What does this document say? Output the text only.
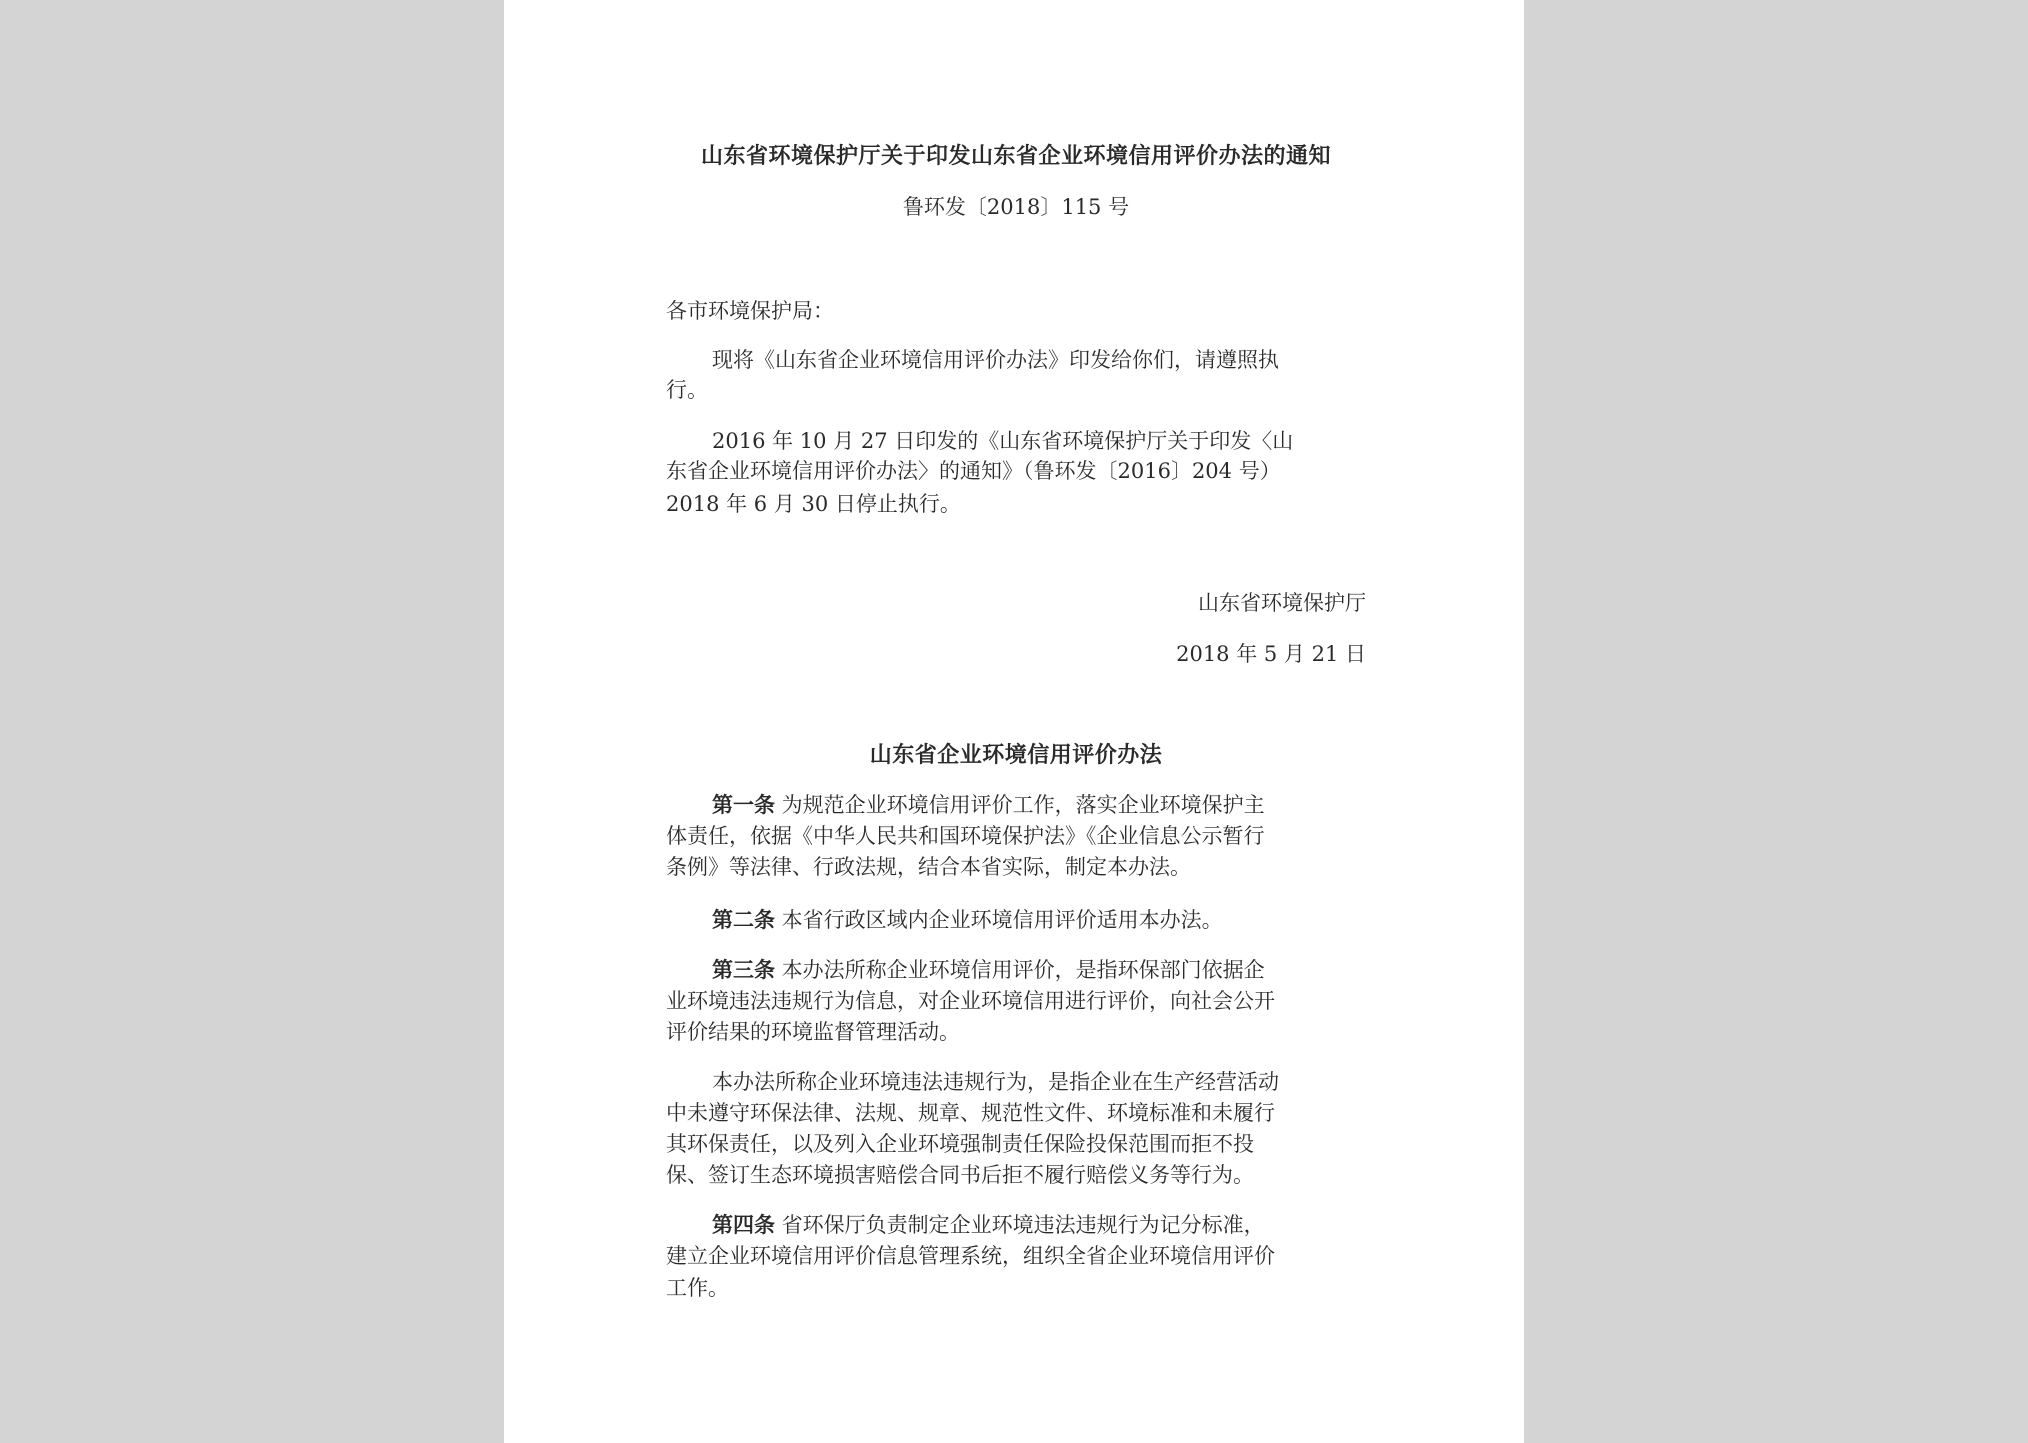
山东省环境保护厅关于印发山东省企业环境信用评价办法的通知

鲁环发〔2018〕115 号

各市环境保护局：

现将《山东省企业环境信用评价办法》印发给你们，请遵照执

行。

2016 年 10 月 27 日印发的《山东省环境保护厅关于印发〈山

东省企业环境信用评价办法〉的通知》（鲁环发〔2016〕204 号）

2018 年 6 月 30 日停止执行。

山东省环境保护厅

2018 年 5 月 21 日

山东省企业环境信用评价办法

第一条 为规范企业环境信用评价工作，落实企业环境保护主

体责任，依据《中华人民共和国环境保护法》《企业信息公示暂行

条例》等法律、行政法规，结合本省实际，制定本办法。

第二条 本省行政区域内企业环境信用评价适用本办法。

第三条 本办法所称企业环境信用评价，是指环保部门依据企

业环境违法违规行为信息，对企业环境信用进行评价，向社会公开

评价结果的环境监督管理活动。

本办法所称企业环境违法违规行为，是指企业在生产经营活动

中未遵守环保法律、法规、规章、规范性文件、环境标准和未履行

其环保责任，以及列入企业环境强制责任保险投保范围而拒不投

保、签订生态环境损害赔偿合同书后拒不履行赔偿义务等行为。

第四条 省环保厅负责制定企业环境违法违规行为记分标准，

建立企业环境信用评价信息管理系统，组织全省企业环境信用评价

工作。
